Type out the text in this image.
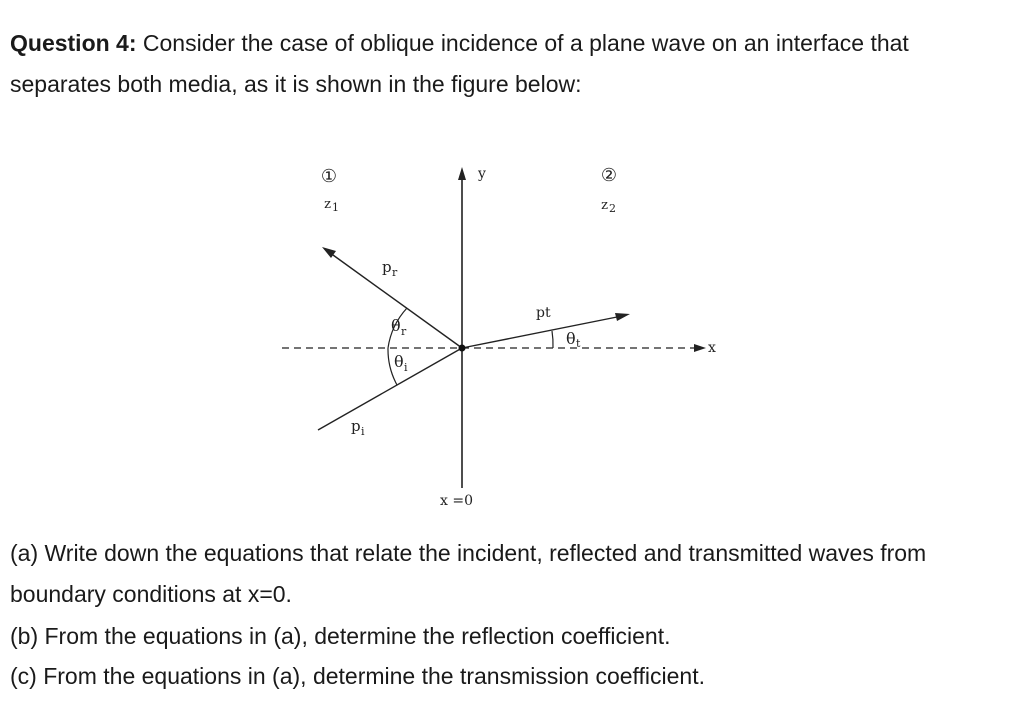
Question 4: Consider the case of oblique incidence of a plane wave on an interface that separates both media, as it is shown in the figure below:

①	②
z 1	z 2
y
x
x =0
p r
p i
pt
θ r
θ i
θ t

(a) Write down the equations that relate the incident, reflected and transmitted waves from boundary conditions at x=0.

(b) From the equations in (a), determine the reflection coefficient.

(c) From the equations in (a), determine the transmission coefficient.
